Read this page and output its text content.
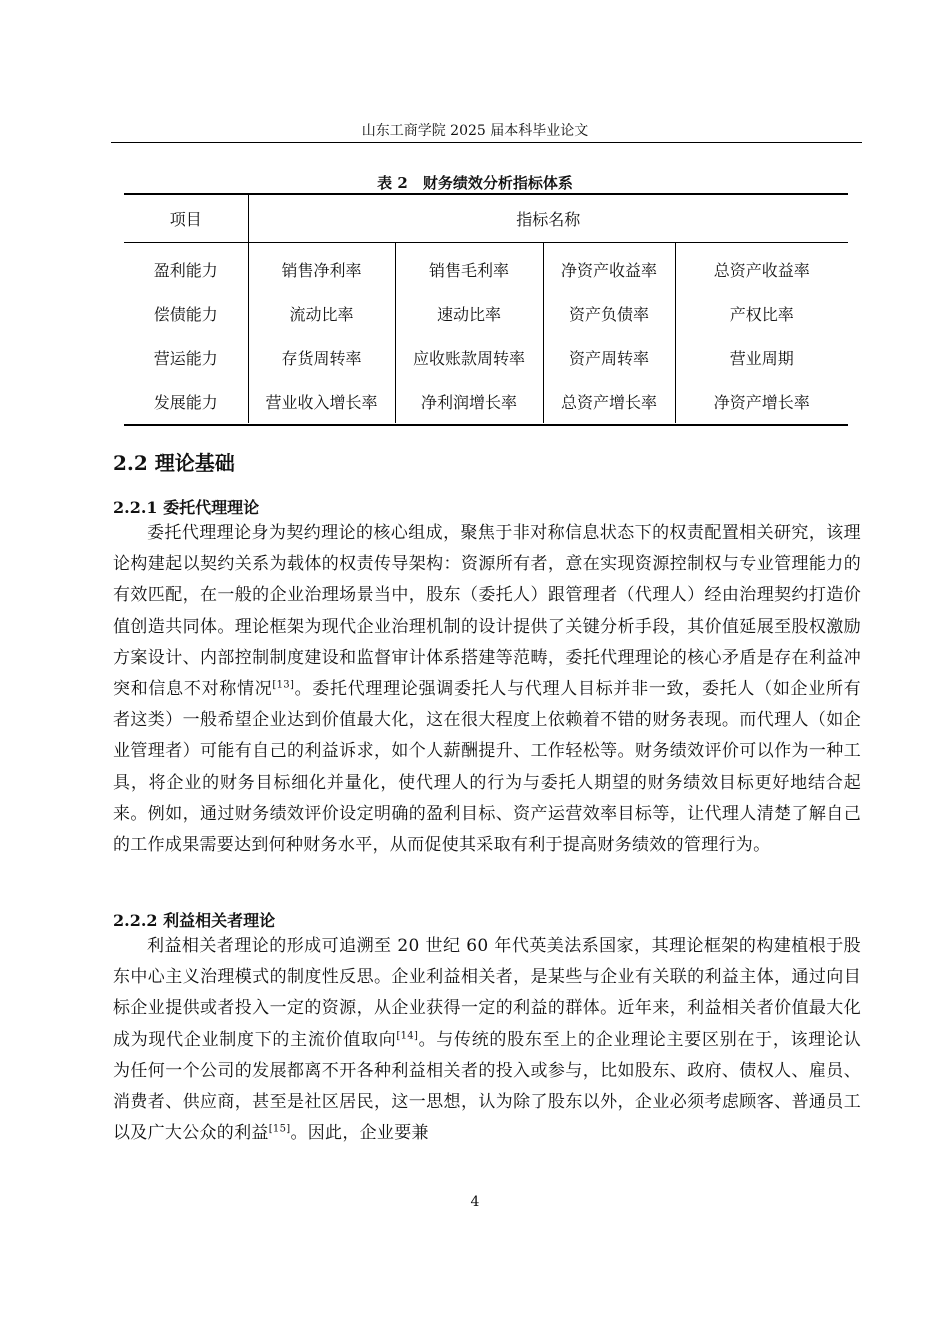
山东工商学院 2025 届本科毕业论文
表 2　财务绩效分析指标体系
项目	指标名称			
盈利能力	销售净利率	销售毛利率	净资产收益率	总资产收益率
偿债能力	流动比率	速动比率	资产负债率	产权比率
营运能力	存货周转率	应收账款周转率	资产周转率	营业周期
发展能力	营业收入增长率	净利润增长率	总资产增长率	净资产增长率
2.2 理论基础
2.2.1 委托代理理论

委托代理理论身为契约理论的核心组成，聚焦于非对称信息状态下的权责配置相关研究，该理论构建起以契约关系为载体的权责传导架构：资源所有者，意在实现资源控制权与专业管理能力的有效匹配，在一般的企业治理场景当中，股东（委托人）跟管理者（代理人）经由治理契约打造价值创造共同体。理论框架为现代企业治理机制的设计提供了关键分析手段，其价值延展至股权激励方案设计、内部控制制度建设和监督审计体系搭建等范畴，委托代理理论的核心矛盾是存在利益冲突和信息不对称情况[13]。委托代理理论强调委托人与代理人目标并非一致，委托人（如企业所有者这类）一般希望企业达到价值最大化，这在很大程度上依赖着不错的财务表现。而代理人（如企业管理者）可能有自己的利益诉求，如个人薪酬提升、工作轻松等。财务绩效评价可以作为一种工具，将企业的财务目标细化并量化，使代理人的行为与委托人期望的财务绩效目标更好地结合起来。例如，通过财务绩效评价设定明确的盈利目标、资产运营效率目标等，让代理人清楚了解自己的工作成果需要达到何种财务水平，从而促使其采取有利于提高财务绩效的管理行为。

2.2.2 利益相关者理论

利益相关者理论的形成可追溯至 20 世纪 60 年代英美法系国家，其理论框架的构建植根于股东中心主义治理模式的制度性反思。企业利益相关者，是某些与企业有关联的利益主体，通过向目标企业提供或者投入一定的资源，从企业获得一定的利益的群体。近年来，利益相关者价值最大化成为现代企业制度下的主流价值取向[14]。与传统的股东至上的企业理论主要区别在于，该理论认为任何一个公司的发展都离不开各种利益相关者的投入或参与，比如股东、政府、债权人、雇员、消费者、供应商，甚至是社区居民，这一思想，认为除了股东以外，企业必须考虑顾客、普通员工以及广大公众的利益[15]。因此，企业要兼

4
